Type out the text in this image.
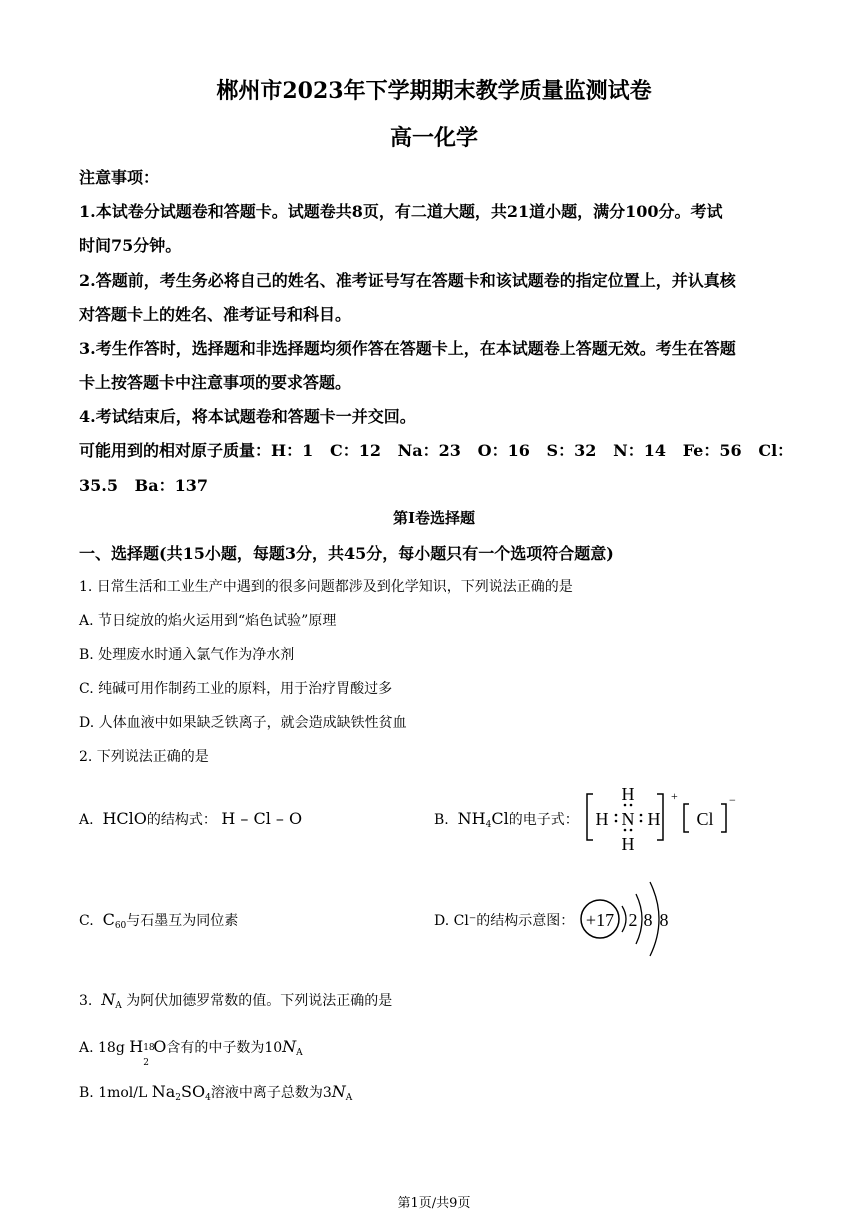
郴州市2023年下学期期末教学质量监测试卷
高一化学
注意事项：
1.本试卷分试题卷和答题卡。试题卷共8页，有二道大题，共21道小题，满分100分。考试
时间75分钟。
2.答题前，考生务必将自己的姓名、准考证号写在答题卡和该试题卷的指定位置上，并认真核
对答题卡上的姓名、准考证号和科目。
3.考生作答时，选择题和非选择题均须作答在答题卡上，在本试题卷上答题无效。考生在答题
卡上按答题卡中注意事项的要求答题。
4.考试结束后，将本试题卷和答题卡一并交回。
可能用到的相对原子质量：H：1   C：12   Na：23   O：16   S：32   N：14   Fe：56   Cl：
35.5   Ba：137
第I卷选择题
一、选择题(共15小题，每题3分，共45分，每小题只有一个选项符合题意)
1. 日常生活和工业生产中遇到的很多问题都涉及到化学知识，下列说法正确的是
A. 节日绽放的焰火运用到“焰色试验”原理
B. 处理废水时通入氯气作为净水剂
C. 纯碱可用作制药工业的原料，用于治疗胃酸过多
D. 人体血液中如果缺乏铁离子，就会造成缺铁性贫血
2. 下列说法正确的是
A. HClO的结构式： H – Cl – O	B. $NH_4Cl$的电子式：
H
H N H
H
+
Cl
−
C. $C_{60}$与石墨互为同位素	D. Cl⁻的结构示意图： +17 2 8 8
3. $N_A$ 为阿伏加德罗常数的值。下列说法正确的是
A. 18g H 18
2
O含有的中子数为$10N_A$
B. 1mol/L $Na_2SO_4$溶液中离子总数为$3N_A$
第1页/共9页
